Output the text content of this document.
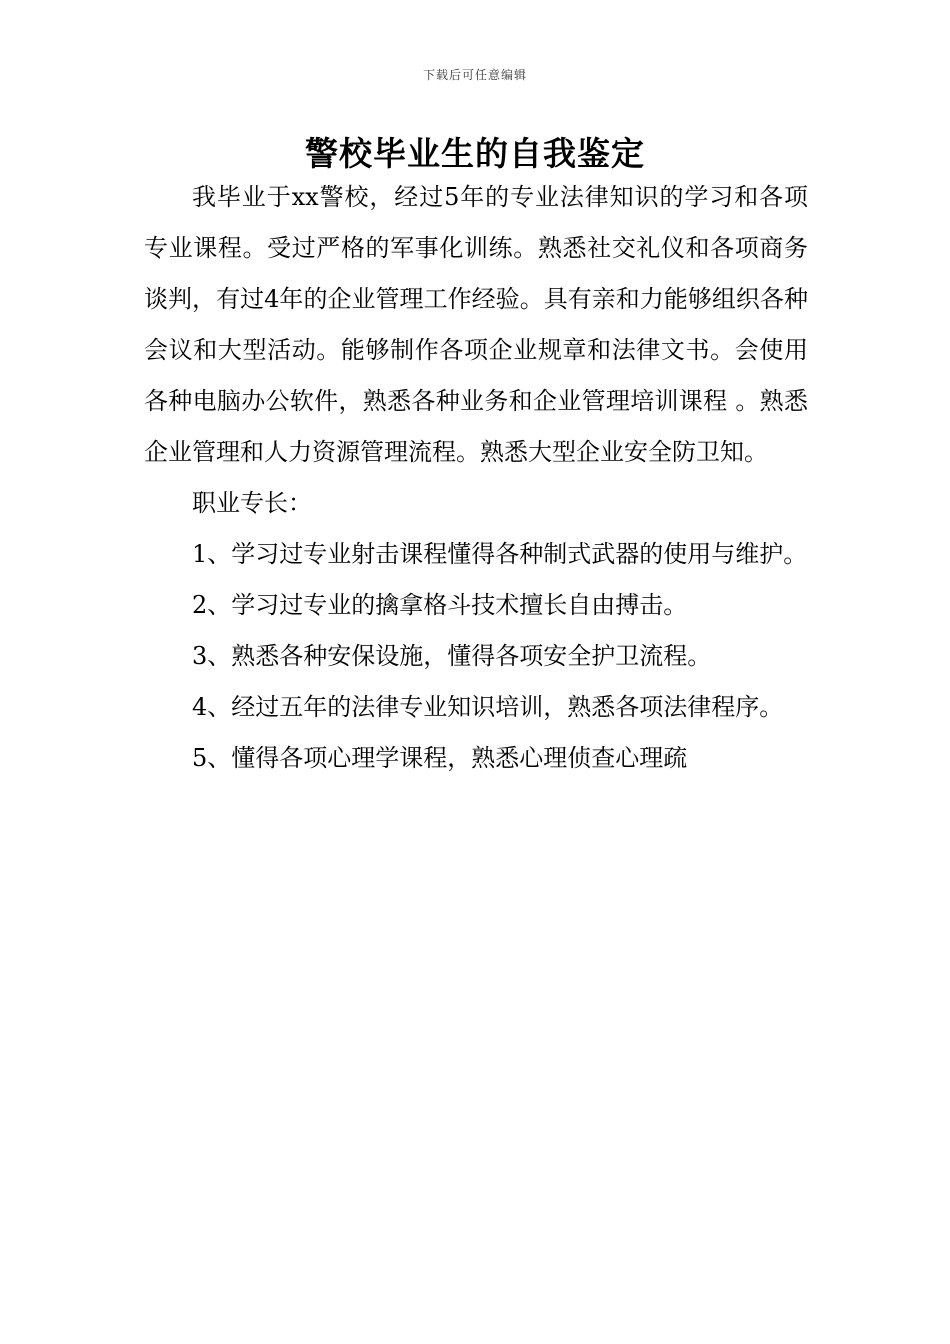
下载后可任意编辑
警校毕业生的自我鉴定

我毕业于xx警校，经过5年的专业法律知识的学习和各项专业课程。受过严格的军事化训练。熟悉社交礼仪和各项商务谈判，有过4年的企业管理工作经验。具有亲和力能够组织各种会议和大型活动。能够制作各项企业规章和法律文书。会使用各种电脑办公软件，熟悉各种业务和企业管理培训课程 。熟悉企业管理和人力资源管理流程。熟悉大型企业安全防卫知。

职业专长：

1、学习过专业射击课程懂得各种制式武器的使用与维护。

2、学习过专业的擒拿格斗技术擅长自由搏击。

3、熟悉各种安保设施，懂得各项安全护卫流程。

4、经过五年的法律专业知识培训，熟悉各项法律程序。

5、懂得各项心理学课程，熟悉心理侦查心理疏
